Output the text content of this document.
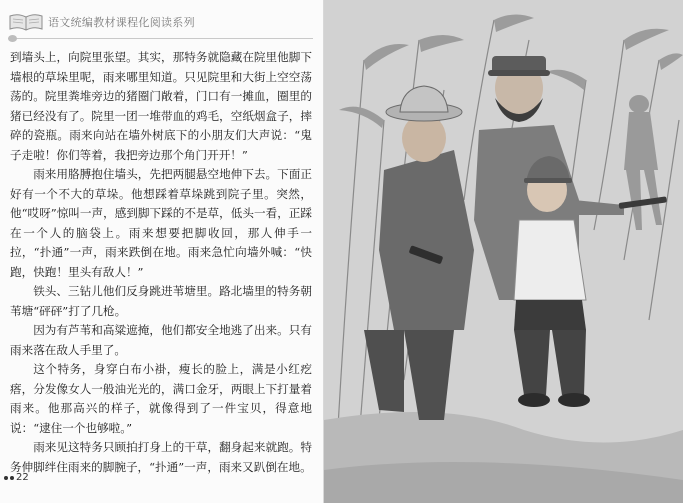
语文统编教材课程化阅读系列

到墙头上，向院里张望。其实，那特务就隐藏在院里他脚下墙根的草垛里呢，雨来哪里知道。只见院里和大街上空空荡荡的。院里粪堆旁边的猪圈门敞着，门口有一摊血，圈里的猪已经没有了。院里一团一堆带血的鸡毛，空纸烟盒子，摔碎的瓷瓶。雨来向站在墙外树底下的小朋友们大声说：“鬼子走啦！你们等着，我把旁边那个角门开开！”

雨来用胳膊抱住墙头，先把两腿悬空地伸下去。下面正好有一个不大的草垛。他想踩着草垛跳到院子里。突然，他“哎呀”惊叫一声，感到脚下踩的不是草，低头一看，正踩在一个人的脑袋上。雨来想要把脚收回，那人伸手一拉，“扑通”一声，雨来跌倒在地。雨来急忙向墙外喊：“快跑，快跑！里头有敌人！”

铁头、三钻儿他们反身跳进苇塘里。路北墙里的特务朝苇塘“砰砰”打了几枪。

因为有芦苇和高粱遮掩，他们都安全地逃了出来。只有雨来落在敌人手里了。

这个特务，身穿白布小褂，瘦长的脸上，满是小红疙瘩，分发像女人一般油光光的，满口金牙，两眼上下打量着雨来。他那高兴的样子，就像得到了一件宝贝，得意地说：“逮住一个也够啦。”

雨来见这特务只顾拍打身上的干草，翻身起来就跑。特务伸脚绊住雨来的脚腕子，“扑通”一声，雨来又趴倒在地。

22
